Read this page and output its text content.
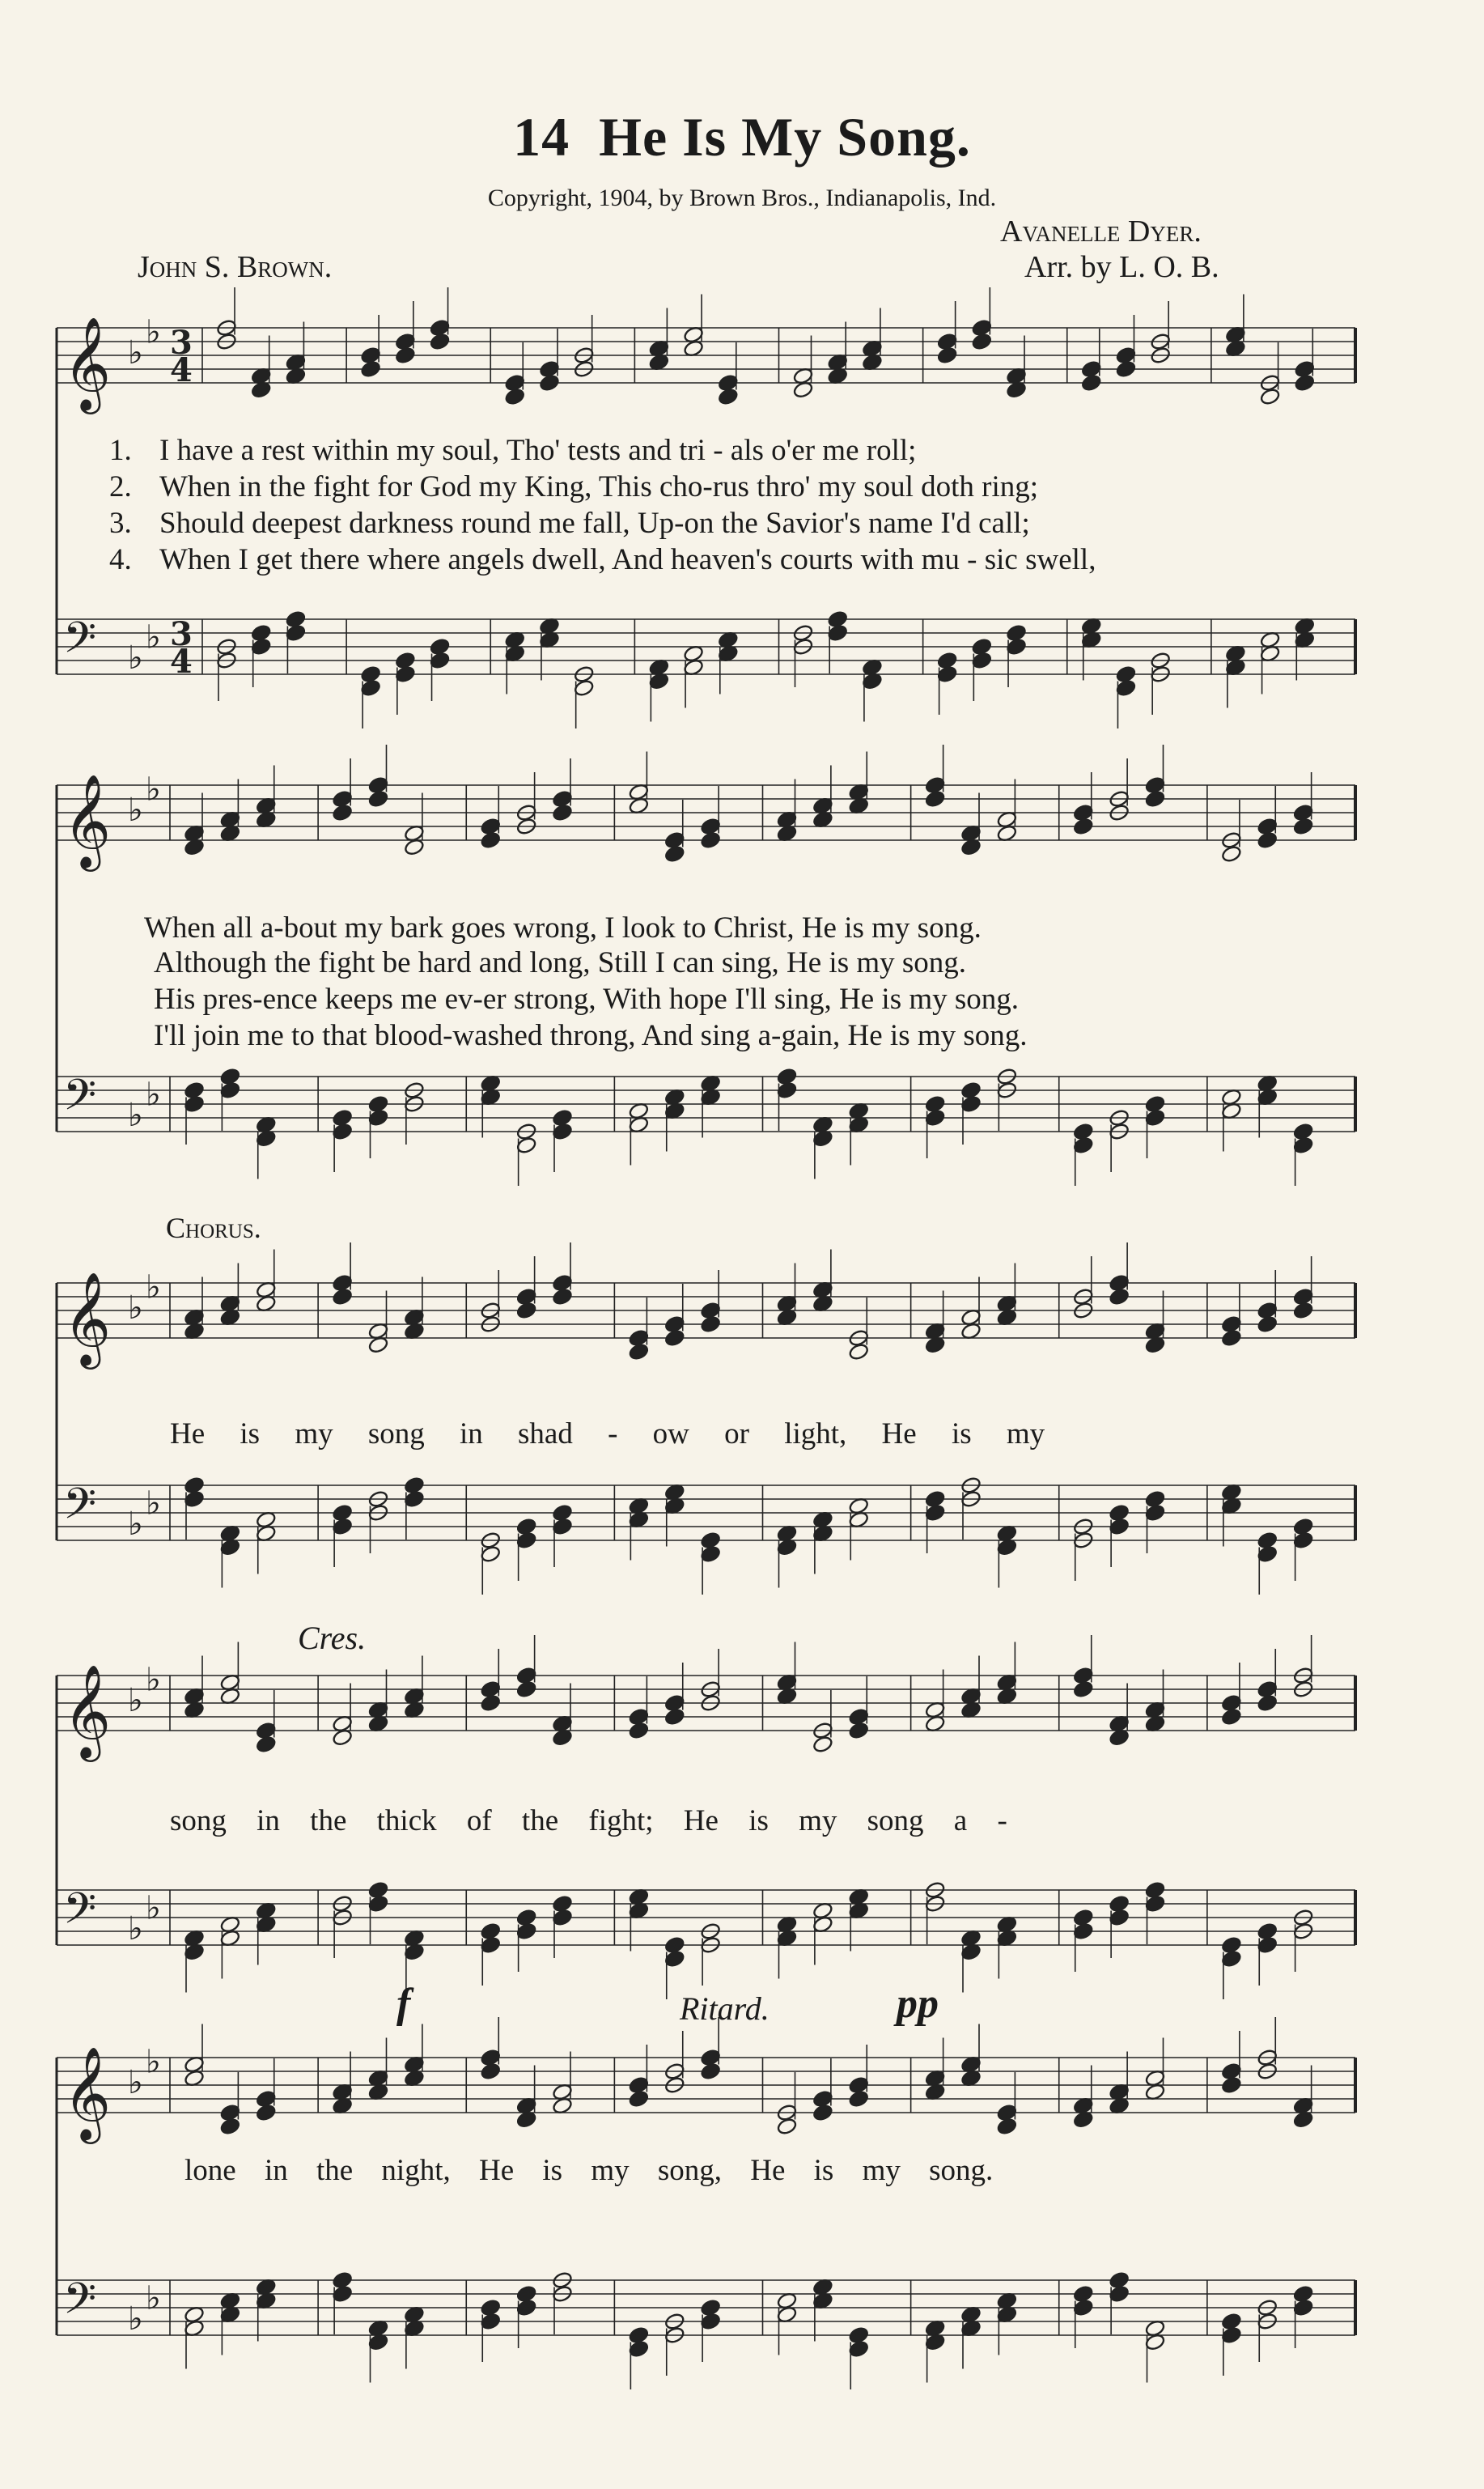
14 He Is My Song.
Copyright, 1904, by Brown Bros., Indianapolis, Ind.
John S. Brown.
Avanelle Dyer.
Arr. by L. O. B.
𝄞 ♭
♭ 3
4
𝄢 ♭
♭ 3
4
𝄞 ♭
♭
𝄢 ♭
♭
𝄞 ♭
♭
𝄢 ♭
♭
𝄞 ♭
♭
𝄢 ♭
♭
𝄞 ♭
♭
𝄢 ♭
♭
1. I have a rest within my soul, Tho' tests and tri - als o'er me roll;
2. When in the fight for God my King, This cho-rus thro' my soul doth ring;
3. Should deepest darkness round me fall, Up-on the Savior's name I'd call;
4. When I get there where angels dwell, And heaven's courts with mu - sic swell,
When all a-bout my bark goes wrong, I look to Christ, He is my song.
Although the fight be hard and long, Still I can sing, He is my song.
His pres-ence keeps me ev-er strong, With hope I'll sing, He is my song.
I'll join me to that blood-washed throng, And sing a-gain, He is my song.
Chorus.
He is my song in shad - ow or light, He is my
song in the thick of the fight; He is my song a -
lone in the night, He is my song, He is my song.
Cres.
Ritard.
f	pp
